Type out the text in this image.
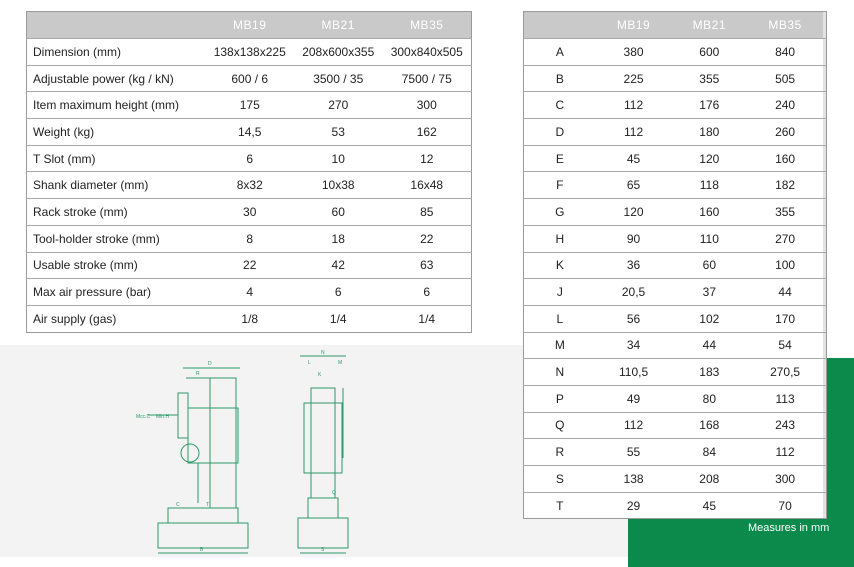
	MB19	MB21	MB35
Dimension (mm)	138x138x225	208x600x355	300x840x505
Adjustable power (kg / kN)	600 / 6	3500 / 35	7500 / 75
Item maximum height (mm)	175	270	300
Weight (kg)	14,5	53	162
T Slot (mm)	6	10	12
Shank diameter (mm)	8x32	10x38	16x48
Rack stroke (mm)	30	60	85
Tool-holder stroke (mm)	8	18	22
Usable stroke (mm)	22	42	63
Max air pressure (bar)	4	6	6
Air supply (gas)	1/8	1/4	1/4
	MB19	MB21	MB35	
A	380	600	840	
B	225	355	505	
C	112	176	240	
D	112	180	260	
E	45	120	160	
F	65	118	182	
G	120	160	355	
H	90	110	270	
K	36	60	100	
J	20,5	37	44	
L	56	102	170	
M	34	44	54	
N	110,5	183	270,5	
P	49	80	113	
Q	112	168	243	
R	55	84	112	
S	138	208	300	
T	29	45	70	
Measures in mm
D
R
Mcc.C Min.H
C	T
B
N
L	M
K
Q
S
